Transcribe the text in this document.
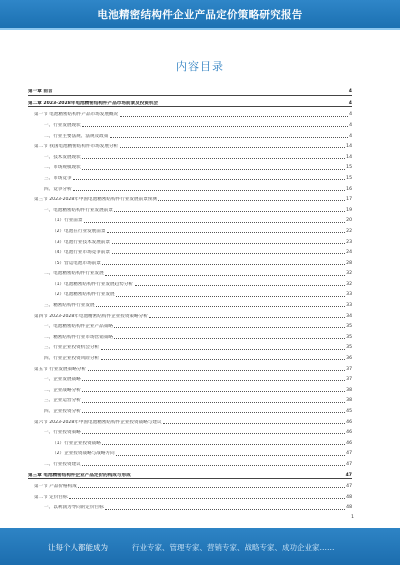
电池精密结构件企业产品定价策略研究报告
内容目录
第一章 前言	4
第二章 2023-2028年电池精密结构件产品市场前景及投资机会	4
第一节 电池精密结构件产品市场发展概况	4
一、行业发展现状	4
二、行业主要法规、法规及政策	4
第二节 我国电池精密结构件市场发展分析	14
一、技术发展现状	14
二、市场规模现状	15
三、市场竞争	15
四、竞争分析	16
第三节 2023-2028年中国电池精密结构件行业发展前景预测	17
一、电池精密结构件行业发展前景	19
（1）行业前景	20
（2）电池在行业发展前景	22
（3）电池行业技术发展前景	23
（4）电池行业市场竞争前景	24
（5）营运电池市场前景	28
二、电池精密结构件行业发展	32
（1）电池精密结构件行业发展趋势分析	32
（2）电池精密结构件行业发展	33
三、精密结构件行业发展	33
第四节 2023-2028年电池精密结构件企业投资策略分析	34
一、电池精密结构件企业产品策略	35
二、精密结构件行业市场营销策略	35
三、行业企业投资机会分析	35
四、行业企业投资风险分析	36
第五节 行业发展策略分析	37
一、企业发展战略	37
二、企业战略分析	38
三、企业运营分析	38
四、企业投资分析	45
第六节 2023-2028年中国电池精密结构件企业投资战略与建议	46
一、行业投资策略	46
（1）行业企业投资战略	46
（2）企业投资战略与战略方向	47
二、行业投资建议	47
第三章 电池精密结构件企业产品定价的构成与形成	47
第一节 产品价格构成	47
第二节 定价目标	48
一、以利润为导向的定价目标	48
1
让每个人都能成为	行业专家、管理专家、营销专家、战略专家、成功企业家……
